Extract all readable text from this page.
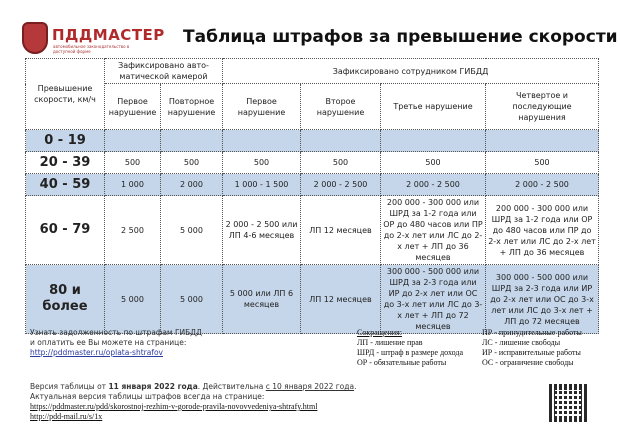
ПДДМАСТЕР
автомобильное законодательство в доступной форме
Таблица штрафов за превышение скорости
Превышение скорости, км/ч	Зафиксировано авто-матической камерой		Зафиксировано сотрудником ГИБДД			
	Первое нарушение	Повторное нарушение	Первое нарушение	Второе нарушение	Третье нарушение	Четвертое и последующие нарушения
0 - 19						
20 - 39	500	500	500	500	500	500
40 - 59	1 000	2 000	1 000 - 1 500	2 000 - 2 500	2 000 - 2 500	2 000 - 2 500
60 - 79	2 500	5 000	2 000 - 2 500 или ЛП 4-6 месяцев	ЛП 12 месяцев	200 000 - 300 000 или ШРД за 1-2 года или ОР до 480 часов или ПР до 2-х лет или ЛС до 2-х лет + ЛП до 36 месяцев	200 000 - 300 000 или ШРД за 1-2 года или ОР до 480 часов или ПР до 2-х лет или ЛС до 2-х лет + ЛП до 36 месяцев
80 и более	5 000	5 000	5 000 или ЛП 6 месяцев	ЛП 12 месяцев	300 000 - 500 000 или ШРД за 2-3 года или ИР до 2-х лет или ОС до 3-х лет или ЛС до 3-х лет + ЛП до 72 месяцев	300 000 - 500 000 или ШРД за 2-3 года или ИР до 2-х лет или ОС до 3-х лет или ЛС до 3-х лет + ЛП до 72 месяцев
Узнать задолженность по штрафам ГИБДД
и оплатить ее Вы можете на странице:
http://pddmaster.ru/oplata-shtrafov
Сокращения:
ЛП - лишение прав
ШРД - штраф в размере дохода
ОР - обязательные работы
ПР - принудительные работы
ЛС - лишение свободы
ИР - исправительные работы
ОС - ограничение свободы
Версия таблицы от 11 января 2022 года. Действительна с 10 января 2022 года.
Актуальная версия таблицы штрафов всегда на странице:
https://pddmaster.ru/pdd/skorostnoj-rezhim-v-gorode-pravila-novovvedeniya-shtrafy.html
http://pdd-mail.ru/s/1x
